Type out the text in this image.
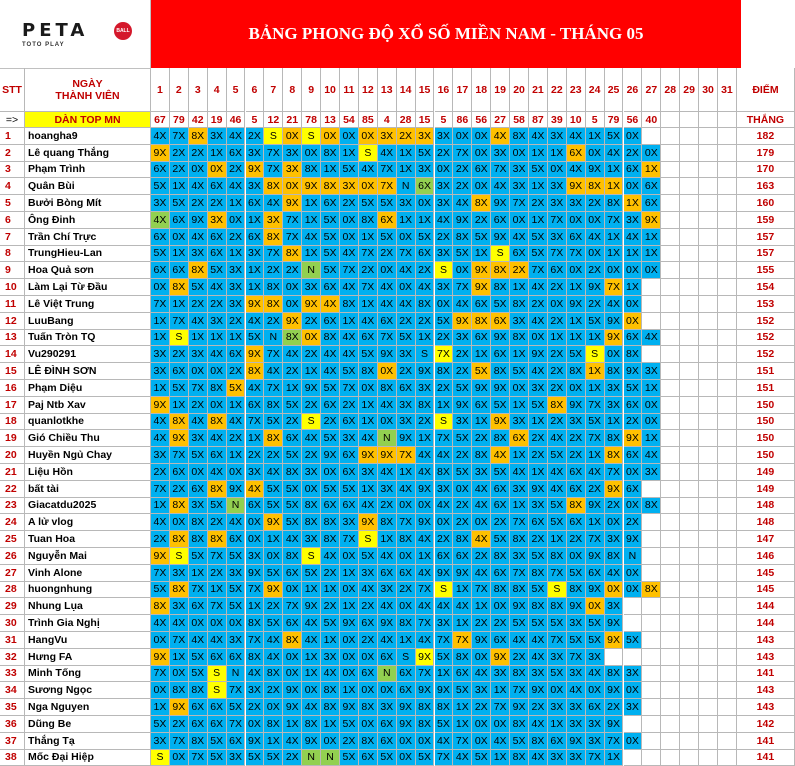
PETA	BALL
TOTO PLAY
BẢNG PHONG ĐỘ XỔ SỐ MIỀN NAM - THÁNG 05
STT	NGÀY
THÀNH VIÊN	1	2	3	4	5	6	7	8	9 10 11 12 13 14 15 16 17 18 19 20 21 22 23 24 25 26 27 28 29 30 31	ĐIỂM
=>	DÀN TOP MN	67 79 42 19 46 5 12 21 78 13 54 85 4 28 15 5 86 56 27 58 87 39 10 5 79 56 40	THẮNG
1	hoangha9	4X 7X 8X 3X 4X 2X S 0X S 0X 0X 0X 3X 2X 3X 3X 0X 0X 4X 8X 4X 3X 4X 1X 5X 0X	182
2	Lê quang Thắng	9X 2X 2X 1X 6X 3X 7X 3X 0X 8X 1X S 4X 1X 5X 2X 7X 0X 3X 0X 1X 1X 6X 0X 4X 2X 0X	179
3	Phạm Trình	6X 2X 0X 0X 2X 9X 7X 3X 8X 1X 5X 4X 7X 1X 3X 0X 2X 6X 7X 3X 5X 0X 4X 9X 1X 6X 1X	170
4	Quân Bùi	5X 1X 4X 6X 4X 3X 8X 0X 9X 8X 3X 0X 7X N 6X 3X 2X 0X 4X 3X 1X 3X 9X 8X 1X 0X 6X	163
5	Bưởi Bòng Mít	3X 5X 2X 2X 1X 6X 4X 9X 1X 6X 2X 5X 5X 3X 0X 3X 4X 8X 9X 7X 2X 3X 3X 2X 8X 1X 6X	160
6	Ông Đinh	4X 6X 9X 3X 0X 1X 3X 7X 1X 5X 0X 8X 6X 1X 1X 4X 9X 2X 6X 0X 1X 7X 0X 0X 7X 3X 9X	159
7	Trần Chí Trực	6X 0X 4X 6X 2X 6X 8X 7X 4X 5X 0X 1X 5X 0X 5X 2X 8X 5X 9X 4X 5X 3X 6X 4X 1X 4X 1X	157
8	TrungHieu-Lan	5X 1X 3X 6X 1X 3X 7X 8X 1X 5X 4X 7X 2X 7X 6X 3X 5X 1X S 6X 5X 7X 7X 0X 1X 1X 1X	157
9	Hoa Quả sơn	6X 6X 8X 5X 3X 1X 2X 2X N 5X 7X 2X 0X 4X 2X S 0X 9X 8X 2X 7X 6X 0X 2X 0X 0X 0X	155
10	Làm Lại Từ Đầu	0X 8X 5X 4X 3X 1X 8X 0X 3X 6X 4X 7X 4X 0X 4X 3X 7X 9X 8X 1X 4X 2X 1X 9X 7X 1X	154
11	Lê Việt Trung	7X 1X 2X 2X 3X 9X 8X 0X 9X 4X 8X 1X 4X 4X 8X 0X 4X 6X 5X 8X 2X 0X 9X 2X 4X 0X	153
12	LuuBang	1X 7X 4X 3X 2X 4X 2X 9X 2X 6X 1X 4X 6X 2X 2X 5X 9X 8X 6X 3X 4X 2X 1X 5X 9X 0X	152
13	Tuấn Tròn TQ	1X S 1X 1X 1X 5X N 8X 0X 8X 4X 6X 7X 5X 1X 2X 3X 6X 9X 8X 0X 1X 1X 1X 9X 6X 4X	152
14	Vu290291	3X 2X 3X 4X 6X 9X 7X 4X 2X 4X 4X 5X 9X 3X S 7X 2X 1X 6X 1X 9X 2X 5X S 0X 8X	152
15	LÊ ĐÌNH SƠN	3X 6X 0X 0X 2X 8X 4X 2X 1X 4X 5X 8X 0X 2X 9X 8X 2X 5X 8X 5X 4X 2X 8X 1X 8X 9X 3X	151
16	Phạm Diệu	1X 5X 7X 8X 5X 4X 7X 1X 9X 5X 7X 0X 8X 6X 3X 2X 5X 9X 9X 0X 3X 2X 0X 1X 3X 5X 1X	151
17	Paj Ntb Xav	9X 1X 2X 0X 1X 6X 8X 5X 2X 6X 2X 1X 4X 3X 8X 1X 9X 6X 5X 1X 5X 8X 9X 7X 3X 6X 0X	150
18	quanlotkhe	4X 8X 4X 8X 4X 7X 5X 2X S 2X 6X 1X 0X 3X 2X S 3X 1X 9X 3X 1X 2X 3X 5X 1X 2X 0X	150
19	Gió Chiều Thu	4X 9X 3X 4X 2X 1X 8X 6X 4X 5X 3X 4X N 9X 1X 7X 5X 2X 8X 6X 2X 4X 2X 7X 8X 9X 1X	150
20	Huyền Ngủ Chay	3X 7X 5X 6X 1X 2X 2X 5X 2X 9X 6X 9X 9X 7X 4X 4X 2X 8X 4X 1X 2X 5X 2X 1X 8X 6X 4X	150
21	Liệu Hồn	2X 6X 0X 4X 0X 3X 4X 8X 3X 0X 6X 3X 4X 1X 4X 8X 5X 3X 5X 4X 1X 4X 6X 4X 7X 0X 3X	149
22	bất tài	7X 2X 6X 8X 9X 4X 5X 5X 0X 5X 5X 1X 3X 4X 9X 3X 0X 4X 6X 3X 9X 4X 6X 2X 9X 6X	149
23	Giacatdu2025	1X 8X 3X 5X N 6X 5X 5X 8X 6X 6X 4X 2X 0X 0X 4X 2X 4X 6X 1X 3X 5X 8X 9X 2X 0X 8X	148
24	A lử vlog	4X 0X 8X 2X 4X 0X 9X 5X 8X 8X 3X 9X 8X 7X 9X 0X 2X 0X 2X 7X 6X 5X 6X 1X 0X 2X	148
25	Tuan Hoa	2X 8X 8X 8X 6X 0X 1X 4X 3X 8X 7X S 1X 8X 4X 2X 8X 4X 5X 8X 2X 1X 2X 7X 3X 9X	147
26	Nguyễn Mai	9X S 5X 7X 5X 3X 0X 8X S 4X 0X 5X 4X 0X 1X 6X 6X 2X 8X 3X 5X 8X 0X 9X 8X N	146
27	Vinh Alone	7X 3X 1X 2X 3X 9X 5X 6X 5X 2X 1X 3X 6X 6X 4X 9X 9X 4X 6X 7X 8X 7X 5X 6X 4X 0X	145
28	huongnhung	5X 8X 7X 1X 5X 7X 9X 0X 1X 1X 0X 4X 3X 2X 7X S 1X 7X 8X 8X 5X S 8X 9X 0X 0X 8X	145
29	Nhung Lụa	8X 3X 6X 7X 5X 1X 2X 7X 9X 2X 1X 2X 4X 0X 4X 4X 4X 1X 0X 9X 8X 8X 9X 0X 3X	144
30	Trình Gia Nghị	4X 4X 0X 0X 0X 8X 5X 6X 4X 5X 9X 6X 9X 8X 7X 3X 1X 2X 2X 5X 5X 5X 3X 5X 9X	144
31	HangVu	0X 7X 4X 4X 3X 7X 4X 8X 4X 1X 0X 2X 4X 1X 4X 7X 7X 9X 6X 4X 4X 7X 5X 5X 9X 5X	143
32	Hưng FA	9X 1X 5X 6X 6X 8X 4X 0X 1X 3X 0X 0X 6X S 9X 5X 8X 0X 9X 2X 4X 3X 7X 3X	143
33	Minh Tống	7X 0X 5X S	N 4X 8X 0X 1X 4X 0X 6X N 6X 7X 1X 6X 4X 3X 8X 3X 5X 3X 4X 8X 3X	141
34	Sương Ngọc	0X 8X 8X S 7X 3X 2X 9X 0X 8X 1X 0X 0X 6X 9X 9X 5X 3X 1X 7X 9X 0X 4X 0X 9X 0X	143
35	Nga Nguyen	1X 9X 6X 6X 5X 2X 0X 9X 4X 8X 9X 8X 3X 9X 8X 8X 1X 2X 7X 9X 2X 3X 3X 6X 2X 3X	143
36	Dũng Be	5X 2X 6X 6X 7X 0X 8X 1X 8X 1X 5X 0X 6X 9X 8X 5X 1X 0X 0X 8X 4X 1X 3X 3X 9X	142
37	Thắng Tạ	3X 7X 8X 5X 6X 9X 1X 4X 9X 0X 2X 8X 6X 0X 0X 4X 7X 0X 4X 5X 8X 6X 9X 3X 7X 0X	141
38	Mốc Đại Hiệp	S 0X 7X 5X 3X 5X 5X 2X N	N 5X 6X 5X 0X 5X 7X 4X 5X 1X 8X 4X 3X 3X 7X 1X	141
